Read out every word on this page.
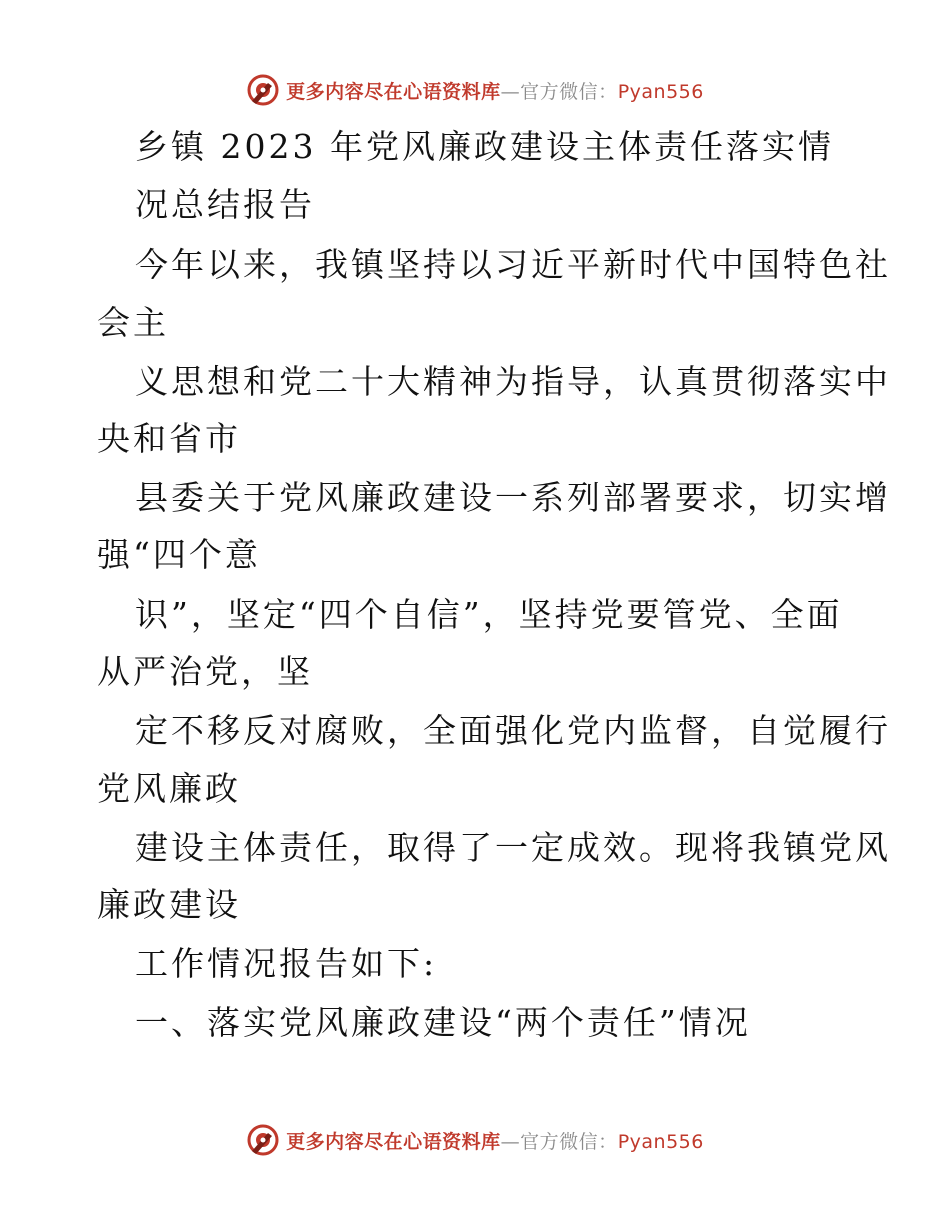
更多内容尽在心语资料库—官方微信：Pyan556
乡镇 2023 年党风廉政建设主体责任落实情
况总结报告
今年以来，我镇坚持以习近平新时代中国特色社
会主
义思想和党二十大精神为指导，认真贯彻落实中
央和省市
县委关于党风廉政建设一系列部署要求，切实增
强“四个意
识”，坚定“四个自信”，坚持党要管党、全面
从严治党，坚
定不移反对腐败，全面强化党内监督，自觉履行
党风廉政
建设主体责任，取得了一定成效。现将我镇党风
廉政建设
工作情况报告如下:
一、落实党风廉政建设“两个责任”情况
更多内容尽在心语资料库—官方微信：Pyan556
